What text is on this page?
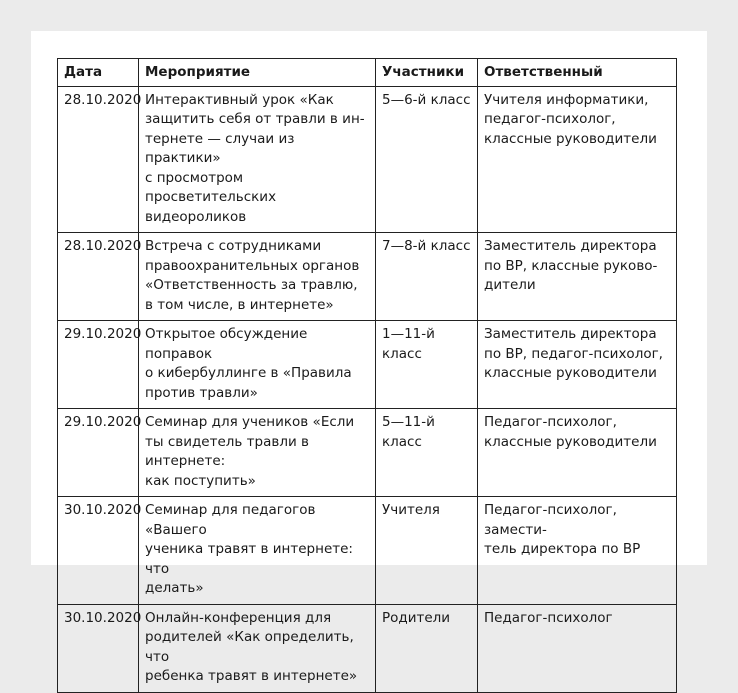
Дата	Мероприятие	Участники	Ответственный
28.10.2020	Интерактивный урок «Как
защитить себя от травли в ин-
тернете — случаи из практики»
с просмотром просветительских
видеороликов	5—6-й класс	Учителя информатики,
педагог-психолог,
классные руководители
28.10.2020	Встреча с сотрудниками
правоохранительных органов
«Ответственность за травлю,
в том числе, в интернете»	7—8-й класс	Заместитель директора
по ВР, классные руково-
дители
29.10.2020	Открытое обсуждение поправок
о кибербуллинге в «Правила
против травли»	1—11-й класс	Заместитель директора
по ВР, педагог-психолог,
классные руководители
29.10.2020	Семинар для учеников «Если
ты свидетель травли в интернете:
как поступить»	5—11-й класс	Педагог-психолог,
классные руководители
30.10.2020	Семинар для педагогов «Вашего
ученика травят в интернете: что
делать»	Учителя	Педагог-психолог, замести-
тель директора по ВР
30.10.2020	Онлайн-конференция для
родителей «Как определить, что
ребенка травят в интернете»	Родители	Педагог-психолог
